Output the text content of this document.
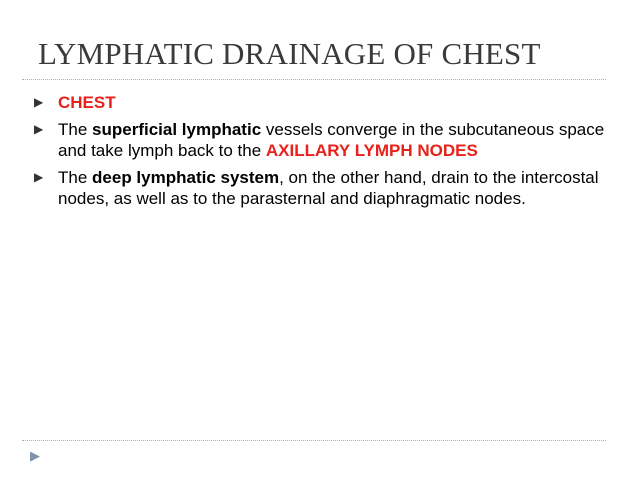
LYMPHATIC DRAINAGE OF CHEST
▶ CHEST
▶ The superficial lymphatic vessels converge in the subcutaneous space and take lymph back to the AXILLARY LYMPH NODES
▶ The deep lymphatic system, on the other hand, drain to the intercostal nodes, as well as to the parasternal and diaphragmatic nodes.
▶
